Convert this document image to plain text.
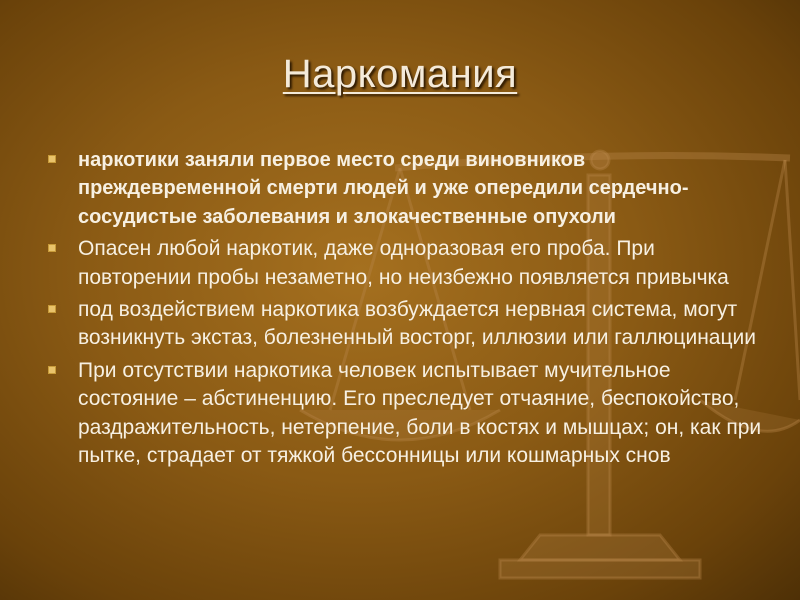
Наркомания
наркотики заняли первое место среди виновников преждевременной смерти людей и уже опередили сердечно-сосудистые заболевания и злокачественные опухоли
Опасен любой наркотик, даже одноразовая его проба. При повторении пробы незаметно, но неизбежно появляется привычка
под воздействием наркотика возбуждается нервная система, могут возникнуть экстаз, болезненный восторг, иллюзии или галлюцинации
При отсутствии наркотика человек испытывает мучительное состояние – абстиненцию. Его преследует отчаяние, беспокойство, раздражительность, нетерпение, боли в костях и мышцах; он, как при пытке, страдает от тяжкой бессонницы или кошмарных снов
